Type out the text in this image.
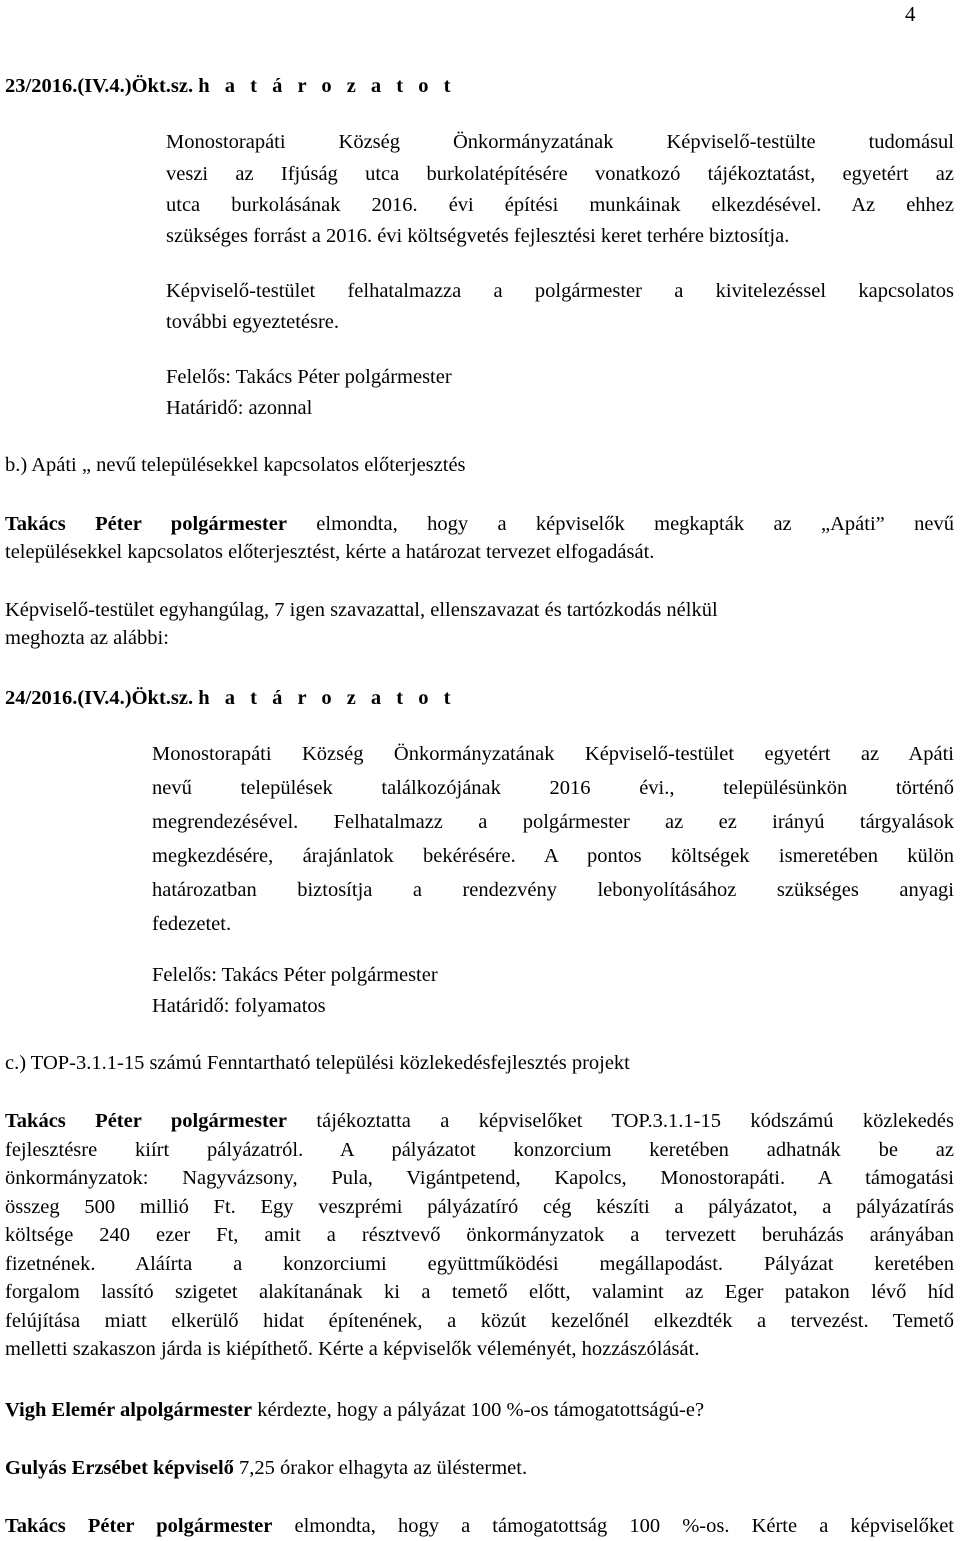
4
23/2016.(IV.4.)Ökt.sz. h a t á r o z a t o t
Monostorapáti Község Önkormányzatának Képviselő-testülte tudomásul
veszi az Ifjúság utca burkolatépítésére vonatkozó tájékoztatást, egyetért az
utca burkolásának 2016. évi építési munkáinak elkezdésével. Az ehhez
szükséges forrást a 2016. évi költségvetés fejlesztési keret terhére biztosítja.
Képviselő-testület felhatalmazza a polgármester a kivitelezéssel kapcsolatos
további egyeztetésre.
Felelős: Takács Péter polgármester
Határidő: azonnal
b.) Apáti „ nevű településekkel kapcsolatos előterjesztés
Takács Péter polgármester elmondta, hogy a képviselők megkapták az „Apáti” nevű
településekkel kapcsolatos előterjesztést, kérte a határozat tervezet elfogadását.
Képviselő-testület egyhangúlag, 7 igen szavazattal, ellenszavazat és tartózkodás nélkül
meghozta az alábbi:
24/2016.(IV.4.)Ökt.sz. h a t á r o z a t o t
Monostorapáti Község Önkormányzatának Képviselő-testület egyetért az Apáti
nevű települések találkozójának 2016 évi., településünkön történő
megrendezésével. Felhatalmazz a polgármester az ez irányú tárgyalások
megkezdésére, árajánlatok bekérésére. A pontos költségek ismeretében külön
határozatban biztosítja a rendezvény lebonyolításához szükséges anyagi
fedezetet.
Felelős: Takács Péter polgármester
Határidő: folyamatos
c.) TOP-3.1.1-15 számú Fenntartható települési közlekedésfejlesztés projekt
Takács Péter polgármester tájékoztatta a képviselőket TOP.3.1.1-15 kódszámú közlekedés
fejlesztésre kiírt pályázatról. A pályázatot konzorcium keretében adhatnák be az
önkormányzatok: Nagyvázsony, Pula, Vigántpetend, Kapolcs, Monostorapáti. A támogatási
összeg 500 millió Ft. Egy veszprémi pályázatíró cég készíti a pályázatot, a pályázatírás
költsége 240 ezer Ft, amit a résztvevő önkormányzatok a tervezett beruházás arányában
fizetnének. Aláírta a konzorciumi együttműködési megállapodást. Pályázat keretében
forgalom lassító szigetet alakítanának ki a temető előtt, valamint az Eger patakon lévő híd
felújítása miatt elkerülő hidat építenének, a közút kezelőnél elkezdték a tervezést. Temető
melletti szakaszon járda is kiépíthető. Kérte a képviselők véleményét, hozzászólását.
Vigh Elemér alpolgármester kérdezte, hogy a pályázat 100 %-os támogatottságú-e?
Gulyás Erzsébet képviselő 7,25 órakor elhagyta az üléstermet.
Takács Péter polgármester elmondta, hogy a támogatottság 100 %-os. Kérte a képviselőket
